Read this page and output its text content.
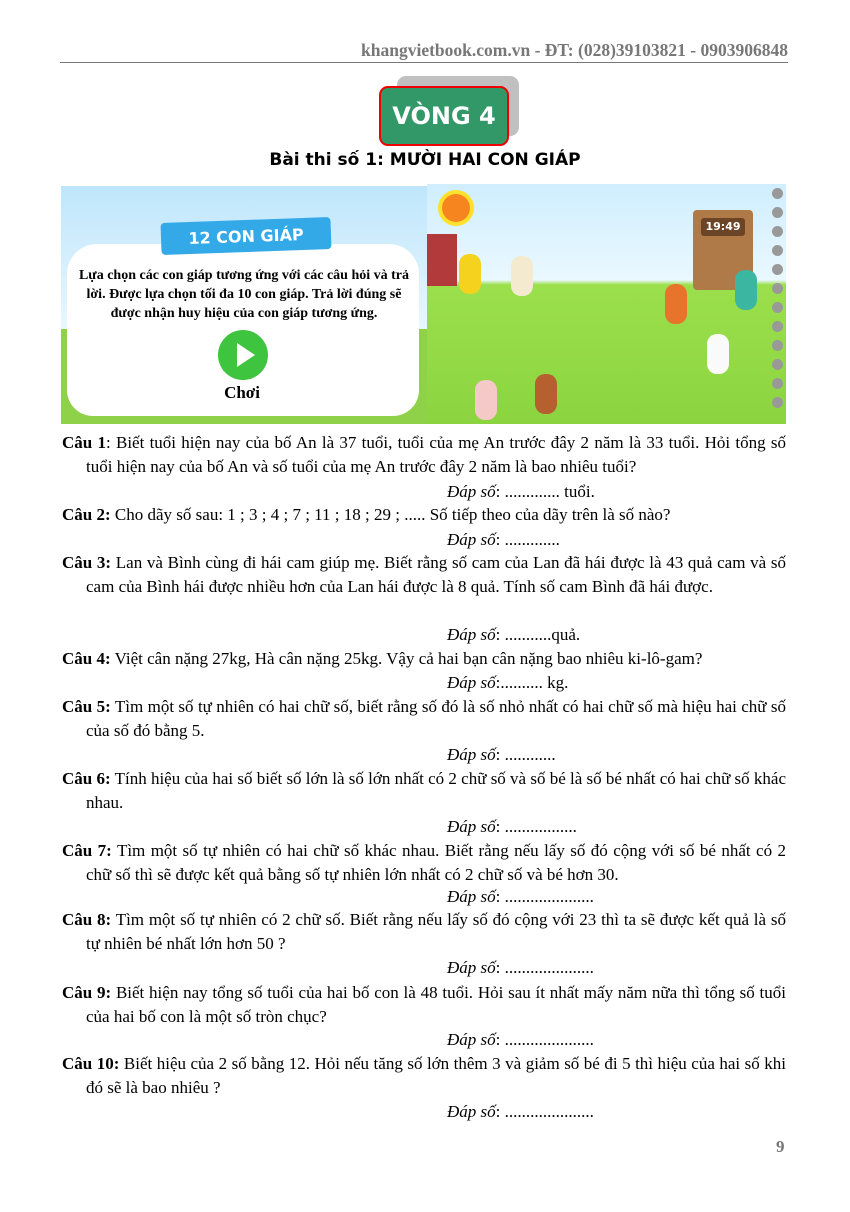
khangvietbook.com.vn - ĐT: (028)39103821 - 0903906848
VÒNG 4
Bài thi số 1: MƯỜI HAI CON GIÁP
12 CON GIÁP
Lựa chọn các con giáp tương ứng với các câu hỏi và trả lời. Được lựa chọn tối đa 10 con giáp. Trả lời đúng sẽ được nhận huy hiệu của con giáp tương ứng.
Chơi
19:49
Câu 1: Biết tuổi hiện nay của bố An là 37 tuổi, tuổi của mẹ An trước đây 2 năm là 33 tuổi. Hỏi tổng số tuổi hiện nay của bố An và số tuổi của mẹ An trước đây 2 năm là bao nhiêu tuổi?
Đáp số: ............. tuổi.
Câu 2: Cho dãy số sau: 1 ; 3 ; 4 ; 7 ; 11 ; 18 ; 29 ; ..... Số tiếp theo của dãy trên là số nào?
Đáp số: .............
Câu 3: Lan và Bình cùng đi hái cam giúp mẹ. Biết rằng số cam của Lan đã hái được là 43 quả cam và số cam của Bình hái được nhiều hơn của Lan hái được là 8 quả. Tính số cam Bình đã hái được.
Đáp số: ...........quả.
Câu 4: Việt cân nặng 27kg, Hà cân nặng 25kg. Vậy cả hai bạn cân nặng bao nhiêu ki-lô-gam?
Đáp số:.......... kg.
Câu 5: Tìm một số tự nhiên có hai chữ số, biết rằng số đó là số nhỏ nhất có hai chữ số mà hiệu hai chữ số của số đó bằng 5.
Đáp số: ............
Câu 6: Tính hiệu của hai số biết số lớn là số lớn nhất có 2 chữ số và số bé là số bé nhất có hai chữ số khác nhau.
Đáp số: .................
Câu 7: Tìm một số tự nhiên có hai chữ số khác nhau. Biết rằng nếu lấy số đó cộng với số bé nhất có 2 chữ số thì sẽ được kết quả bằng số tự nhiên lớn nhất có 2 chữ số và bé hơn 30.
Đáp số: .....................
Câu 8: Tìm một số tự nhiên có 2 chữ số. Biết rằng nếu lấy số đó cộng với 23 thì ta sẽ được kết quả là số tự nhiên bé nhất lớn hơn 50 ?
Đáp số: .....................
Câu 9: Biết hiện nay tổng số tuổi của hai bố con là 48 tuổi. Hỏi sau ít nhất mấy năm nữa thì tổng số tuổi của hai bố con là một số tròn chục?
Đáp số: .....................
Câu 10: Biết hiệu của 2 số bằng 12. Hỏi nếu tăng số lớn thêm 3 và giảm số bé đi 5 thì hiệu của hai số khi đó sẽ là bao nhiêu ?
Đáp số: .....................
9
